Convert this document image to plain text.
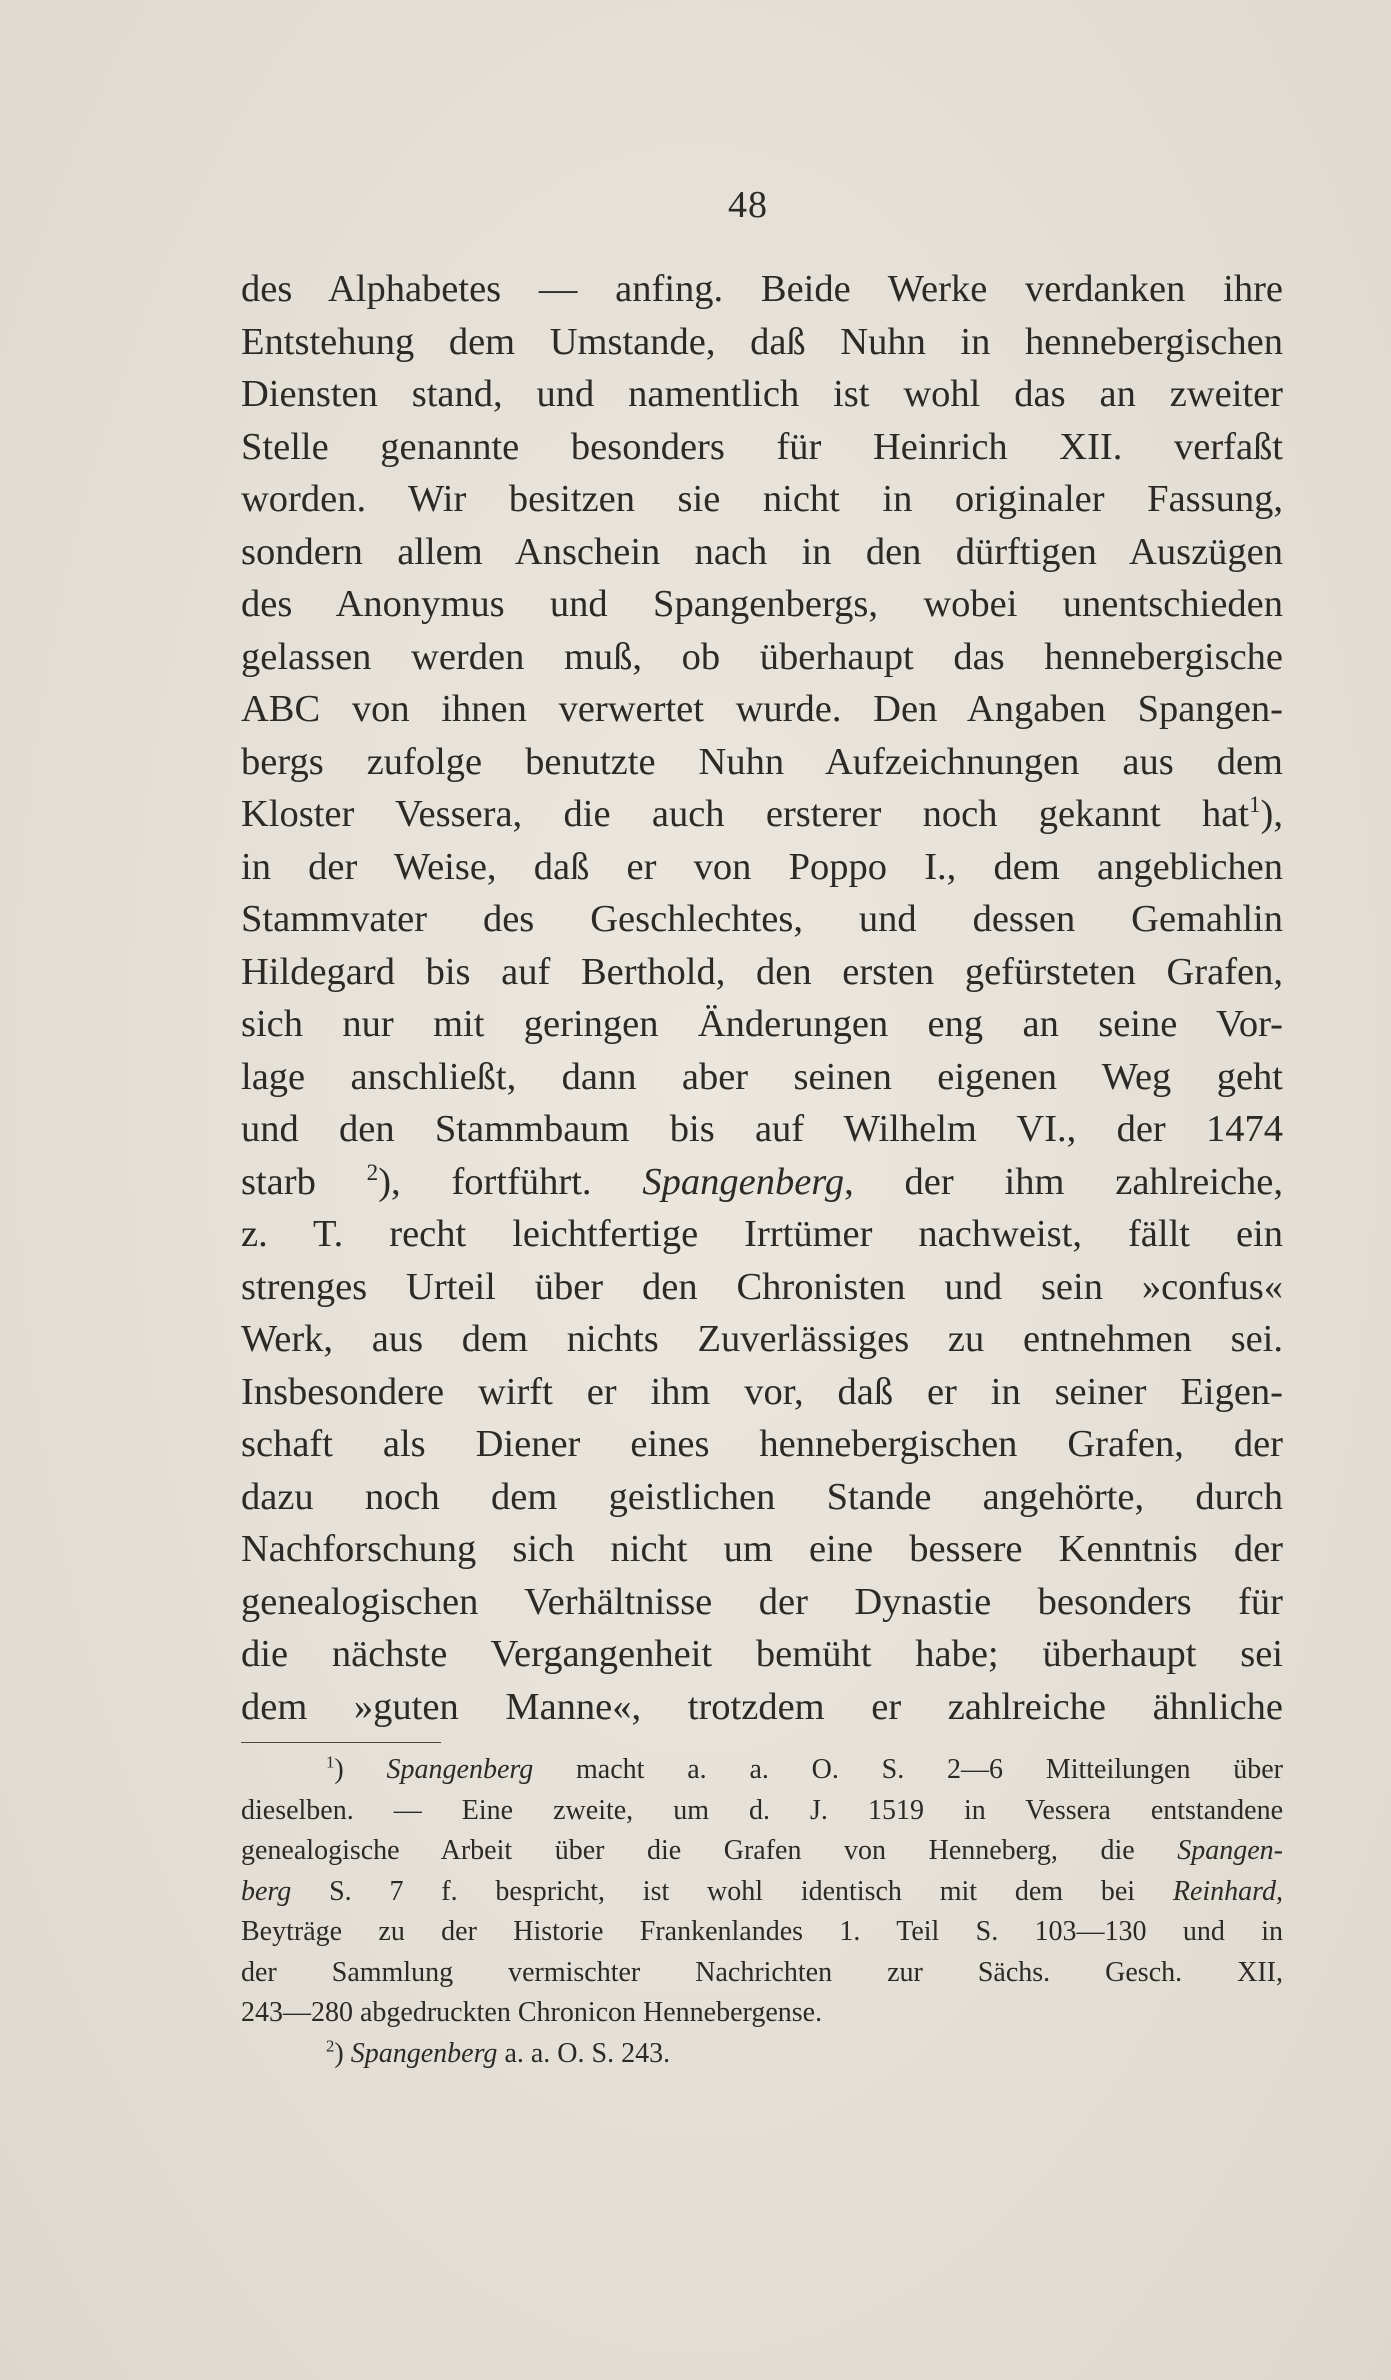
48
des Alphabetes — anfing. Beide Werke verdanken ihre
Entstehung dem Umstande, daß Nuhn in hennebergischen
Diensten stand, und namentlich ist wohl das an zweiter
Stelle genannte besonders für Heinrich XII. verfaßt
worden. Wir besitzen sie nicht in originaler Fassung,
sondern allem Anschein nach in den dürftigen Auszügen
des Anonymus und Spangenbergs, wobei unentschieden
gelassen werden muß, ob überhaupt das hennebergische
ABC von ihnen verwertet wurde. Den Angaben Spangen-
bergs zufolge benutzte Nuhn Aufzeichnungen aus dem
Kloster Vessera, die auch ersterer noch gekannt hat$^1$),
in der Weise, daß er von Poppo I., dem angeblichen
Stammvater des Geschlechtes, und dessen Gemahlin
Hildegard bis auf Berthold, den ersten gefürsteten Grafen,
sich nur mit geringen Änderungen eng an seine Vor-
lage anschließt, dann aber seinen eigenen Weg geht
und den Stammbaum bis auf Wilhelm VI., der 1474
starb $^2$), fortführt. Spangenberg, der ihm zahlreiche,
z. T. recht leichtfertige Irrtümer nachweist, fällt ein
strenges Urteil über den Chronisten und sein »confus«
Werk, aus dem nichts Zuverlässiges zu entnehmen sei.
Insbesondere wirft er ihm vor, daß er in seiner Eigen-
schaft als Diener eines hennebergischen Grafen, der
dazu noch dem geistlichen Stande angehörte, durch
Nachforschung sich nicht um eine bessere Kenntnis der
genealogischen Verhältnisse der Dynastie besonders für
die nächste Vergangenheit bemüht habe; überhaupt sei
dem »guten Manne«, trotzdem er zahlreiche ähnliche
$^1$) Spangenberg macht a. a. O. S. 2—6 Mitteilungen über
dieselben. — Eine zweite, um d. J. 1519 in Vessera entstandene
genealogische Arbeit über die Grafen von Henneberg, die Spangen-
berg S. 7 f. bespricht, ist wohl identisch mit dem bei Reinhard,
Beyträge zu der Historie Frankenlandes 1. Teil S. 103—130 und in
der Sammlung vermischter Nachrichten zur Sächs. Gesch. XII,
243—280 abgedruckten Chronicon Hennebergense.
$^2$) Spangenberg a. a. O. S. 243.
